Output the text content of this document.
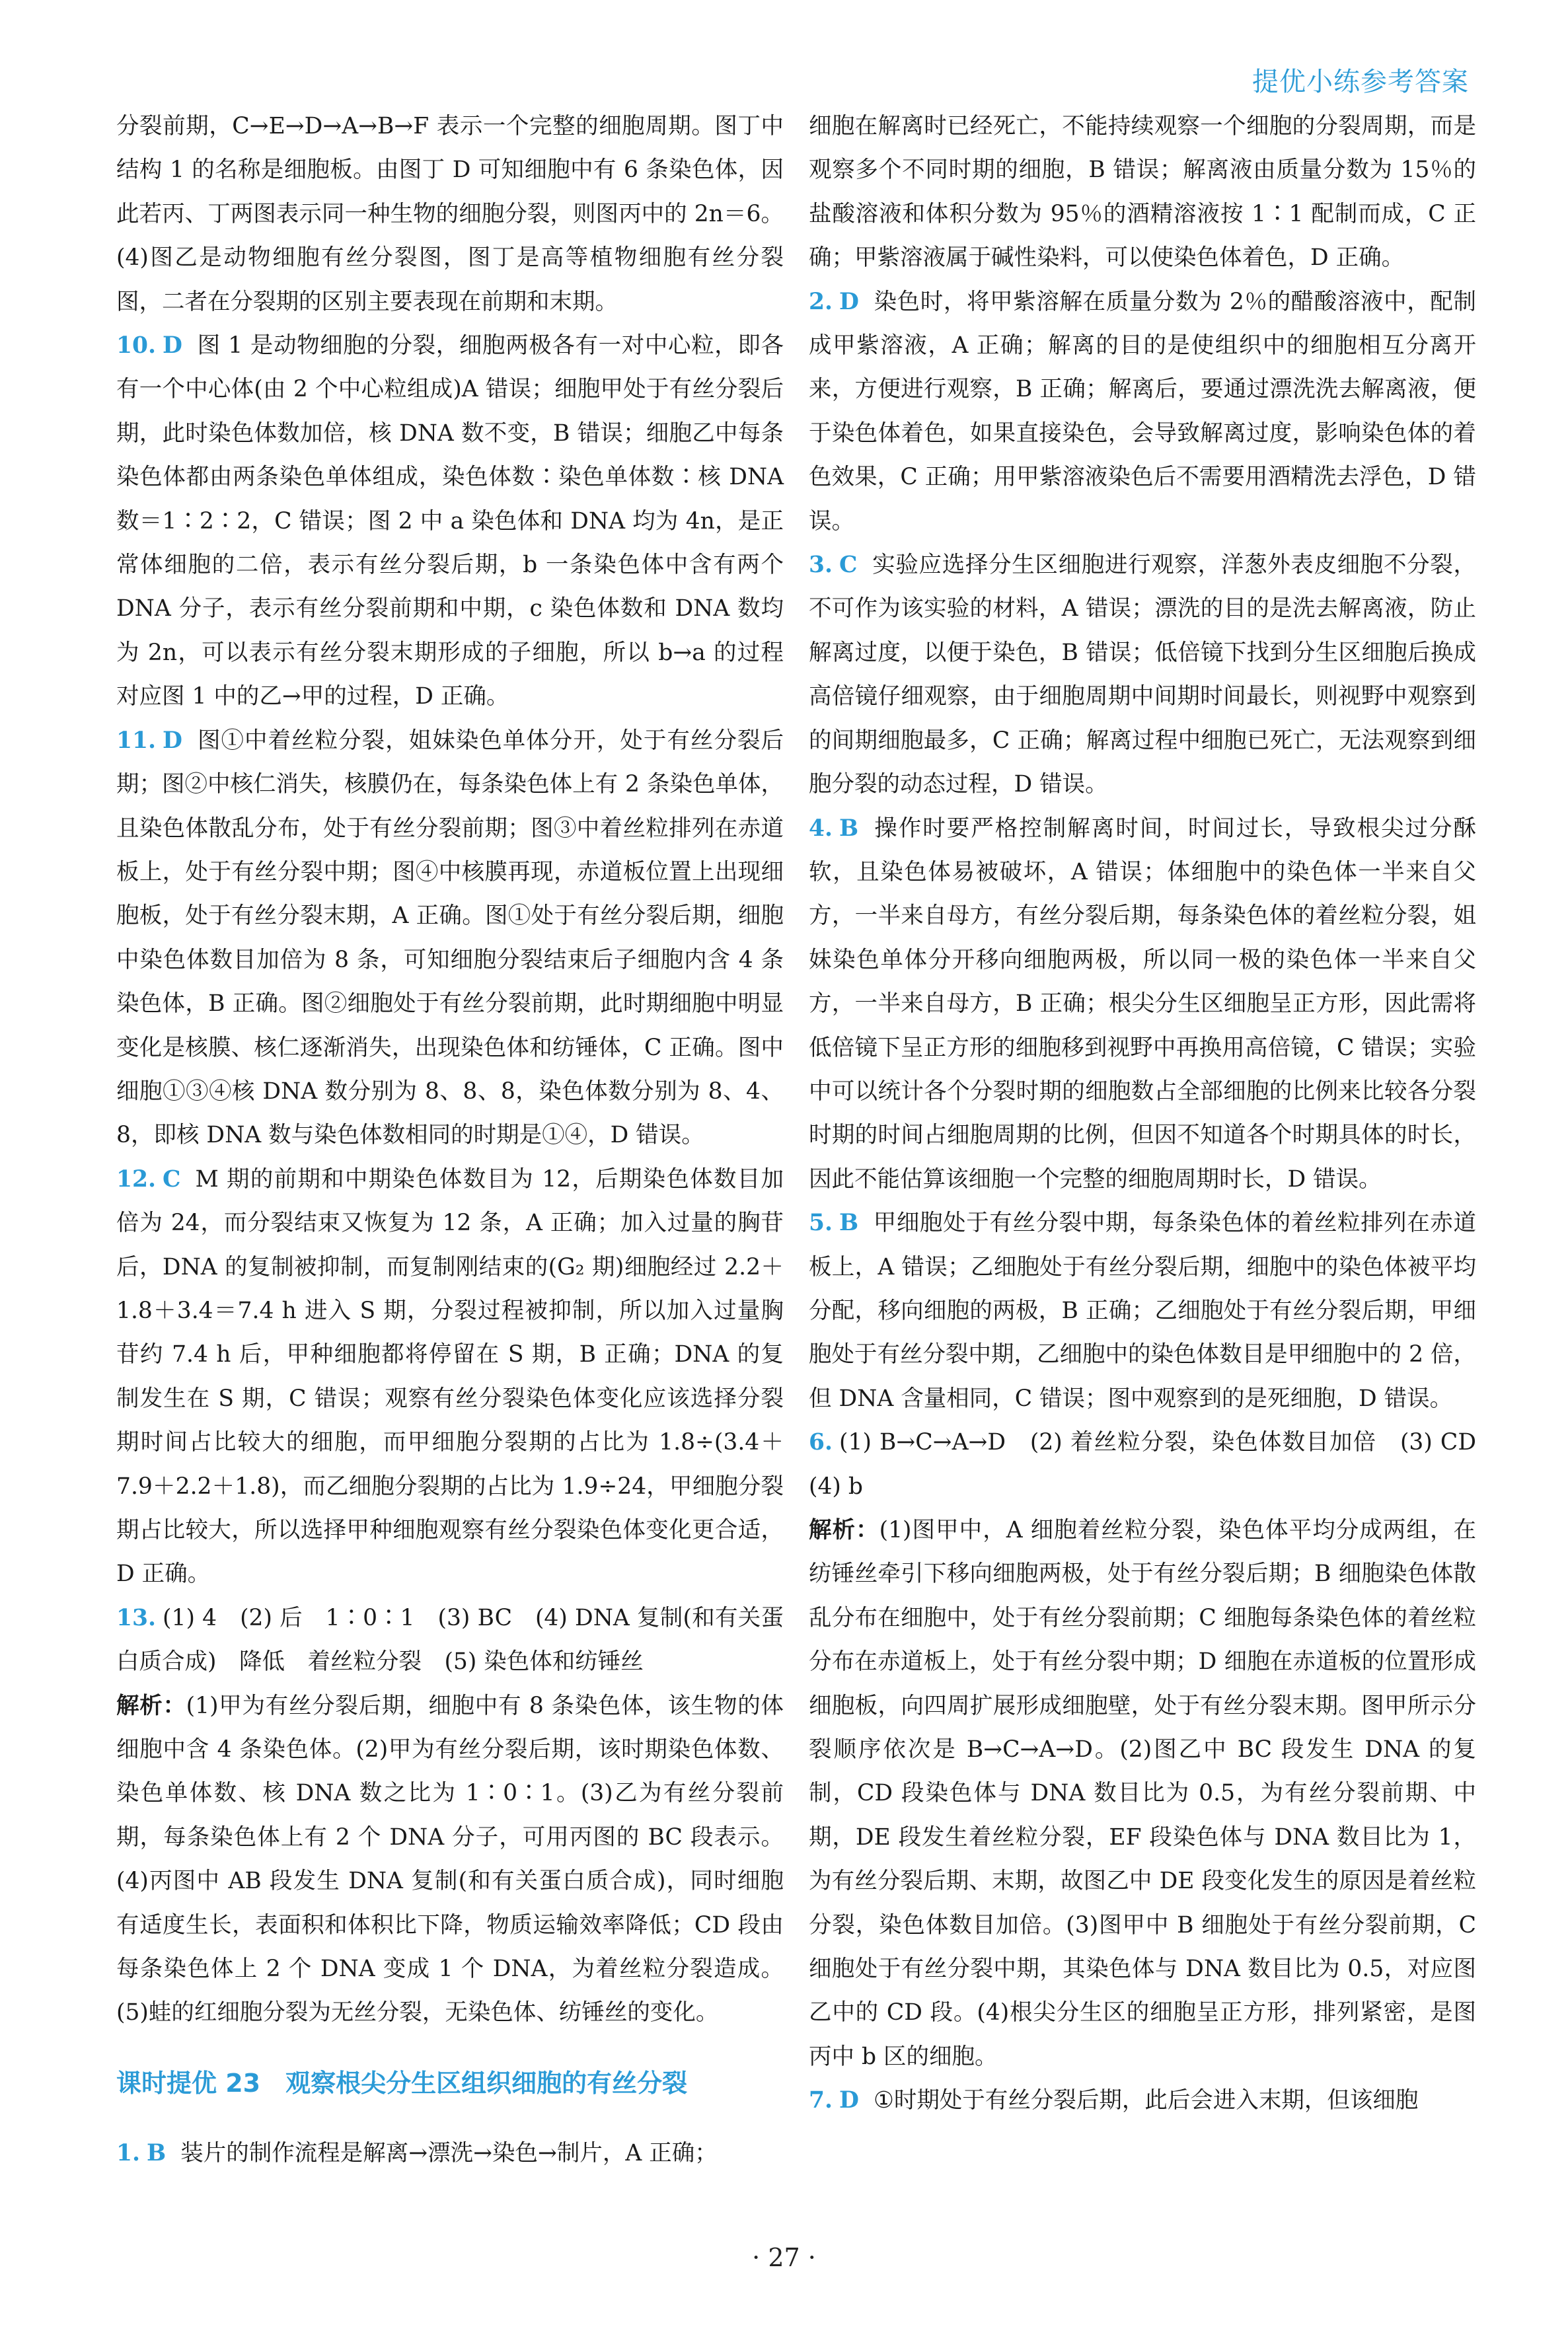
提优小练参考答案
分裂前期，C→E→D→A→B→F 表示一个完整的细胞周期。图丁中结构 1 的名称是细胞板。由图丁 D 可知细胞中有 6 条染色体，因此若丙、丁两图表示同一种生物的细胞分裂，则图丙中的 2n＝6。(4)图乙是动物细胞有丝分裂图，图丁是高等植物细胞有丝分裂图，二者在分裂期的区别主要表现在前期和末期。
10. D 图 1 是动物细胞的分裂，细胞两极各有一对中心粒，即各有一个中心体(由 2 个中心粒组成)A 错误；细胞甲处于有丝分裂后期，此时染色体数加倍，核 DNA 数不变，B 错误；细胞乙中每条染色体都由两条染色单体组成，染色体数∶染色单体数∶核 DNA 数＝1∶2∶2，C 错误；图 2 中 a 染色体和 DNA 均为 4n，是正常体细胞的二倍，表示有丝分裂后期，b 一条染色体中含有两个 DNA 分子，表示有丝分裂前期和中期，c 染色体数和 DNA 数均为 2n，可以表示有丝分裂末期形成的子细胞，所以 b→a 的过程对应图 1 中的乙→甲的过程，D 正确。
11. D 图①中着丝粒分裂，姐妹染色单体分开，处于有丝分裂后期；图②中核仁消失，核膜仍在，每条染色体上有 2 条染色单体，且染色体散乱分布，处于有丝分裂前期；图③中着丝粒排列在赤道板上，处于有丝分裂中期；图④中核膜再现，赤道板位置上出现细胞板，处于有丝分裂末期，A 正确。图①处于有丝分裂后期，细胞中染色体数目加倍为 8 条，可知细胞分裂结束后子细胞内含 4 条染色体，B 正确。图②细胞处于有丝分裂前期，此时期细胞中明显变化是核膜、核仁逐渐消失，出现染色体和纺锤体，C 正确。图中细胞①③④核 DNA 数分别为 8、8、8，染色体数分别为 8、4、8，即核 DNA 数与染色体数相同的时期是①④，D 错误。
12. C M 期的前期和中期染色体数目为 12，后期染色体数目加倍为 24，而分裂结束又恢复为 12 条，A 正确；加入过量的胸苷后，DNA 的复制被抑制，而复制刚结束的(G₂ 期)细胞经过 2.2＋1.8＋3.4＝7.4 h 进入 S 期，分裂过程被抑制，所以加入过量胸苷约 7.4 h 后，甲种细胞都将停留在 S 期，B 正确；DNA 的复制发生在 S 期，C 错误；观察有丝分裂染色体变化应该选择分裂期时间占比较大的细胞，而甲细胞分裂期的占比为 1.8÷(3.4＋7.9＋2.2＋1.8)，而乙细胞分裂期的占比为 1.9÷24，甲细胞分裂期占比较大，所以选择甲种细胞观察有丝分裂染色体变化更合适，D 正确。
13. (1) 4　(2) 后　1∶0∶1　(3) BC　(4) DNA 复制(和有关蛋白质合成)　降低　着丝粒分裂　(5) 染色体和纺锤丝
解析：(1)甲为有丝分裂后期，细胞中有 8 条染色体，该生物的体细胞中含 4 条染色体。(2)甲为有丝分裂后期，该时期染色体数、染色单体数、核 DNA 数之比为 1∶0∶1。(3)乙为有丝分裂前期，每条染色体上有 2 个 DNA 分子，可用丙图的 BC 段表示。(4)丙图中 AB 段发生 DNA 复制(和有关蛋白质合成)，同时细胞有适度生长，表面积和体积比下降，物质运输效率降低；CD 段由每条染色体上 2 个 DNA 变成 1 个 DNA，为着丝粒分裂造成。(5)蛙的红细胞分裂为无丝分裂，无染色体、纺锤丝的变化。
课时提优 23　观察根尖分生区组织细胞的有丝分裂
1. B 装片的制作流程是解离→漂洗→染色→制片，A 正确；
细胞在解离时已经死亡，不能持续观察一个细胞的分裂周期，而是观察多个不同时期的细胞，B 错误；解离液由质量分数为 15％的盐酸溶液和体积分数为 95％的酒精溶液按 1∶1 配制而成，C 正确；甲紫溶液属于碱性染料，可以使染色体着色，D 正确。
2. D 染色时，将甲紫溶解在质量分数为 2％的醋酸溶液中，配制成甲紫溶液，A 正确；解离的目的是使组织中的细胞相互分离开来，方便进行观察，B 正确；解离后，要通过漂洗洗去解离液，便于染色体着色，如果直接染色，会导致解离过度，影响染色体的着色效果，C 正确；用甲紫溶液染色后不需要用酒精洗去浮色，D 错误。
3. C 实验应选择分生区细胞进行观察，洋葱外表皮细胞不分裂，不可作为该实验的材料，A 错误；漂洗的目的是洗去解离液，防止解离过度，以便于染色，B 错误；低倍镜下找到分生区细胞后换成高倍镜仔细观察，由于细胞周期中间期时间最长，则视野中观察到的间期细胞最多，C 正确；解离过程中细胞已死亡，无法观察到细胞分裂的动态过程，D 错误。
4. B 操作时要严格控制解离时间，时间过长，导致根尖过分酥软，且染色体易被破坏，A 错误；体细胞中的染色体一半来自父方，一半来自母方，有丝分裂后期，每条染色体的着丝粒分裂，姐妹染色单体分开移向细胞两极，所以同一极的染色体一半来自父方，一半来自母方，B 正确；根尖分生区细胞呈正方形，因此需将低倍镜下呈正方形的细胞移到视野中再换用高倍镜，C 错误；实验中可以统计各个分裂时期的细胞数占全部细胞的比例来比较各分裂时期的时间占细胞周期的比例，但因不知道各个时期具体的时长，因此不能估算该细胞一个完整的细胞周期时长，D 错误。
5. B 甲细胞处于有丝分裂中期，每条染色体的着丝粒排列在赤道板上，A 错误；乙细胞处于有丝分裂后期，细胞中的染色体被平均分配，移向细胞的两极，B 正确；乙细胞处于有丝分裂后期，甲细胞处于有丝分裂中期，乙细胞中的染色体数目是甲细胞中的 2 倍，但 DNA 含量相同，C 错误；图中观察到的是死细胞，D 错误。
6. (1) B→C→A→D　(2) 着丝粒分裂，染色体数目加倍　(3) CD　(4) b
解析：(1)图甲中，A 细胞着丝粒分裂，染色体平均分成两组，在纺锤丝牵引下移向细胞两极，处于有丝分裂后期；B 细胞染色体散乱分布在细胞中，处于有丝分裂前期；C 细胞每条染色体的着丝粒分布在赤道板上，处于有丝分裂中期；D 细胞在赤道板的位置形成细胞板，向四周扩展形成细胞壁，处于有丝分裂末期。图甲所示分裂顺序依次是 B→C→A→D。(2)图乙中 BC 段发生 DNA 的复制，CD 段染色体与 DNA 数目比为 0.5，为有丝分裂前期、中期，DE 段发生着丝粒分裂，EF 段染色体与 DNA 数目比为 1，为有丝分裂后期、末期，故图乙中 DE 段变化发生的原因是着丝粒分裂，染色体数目加倍。(3)图甲中 B 细胞处于有丝分裂前期，C 细胞处于有丝分裂中期，其染色体与 DNA 数目比为 0.5，对应图乙中的 CD 段。(4)根尖分生区的细胞呈正方形，排列紧密，是图丙中 b 区的细胞。
7. D ①时期处于有丝分裂后期，此后会进入末期，但该细胞
· 27 ·
